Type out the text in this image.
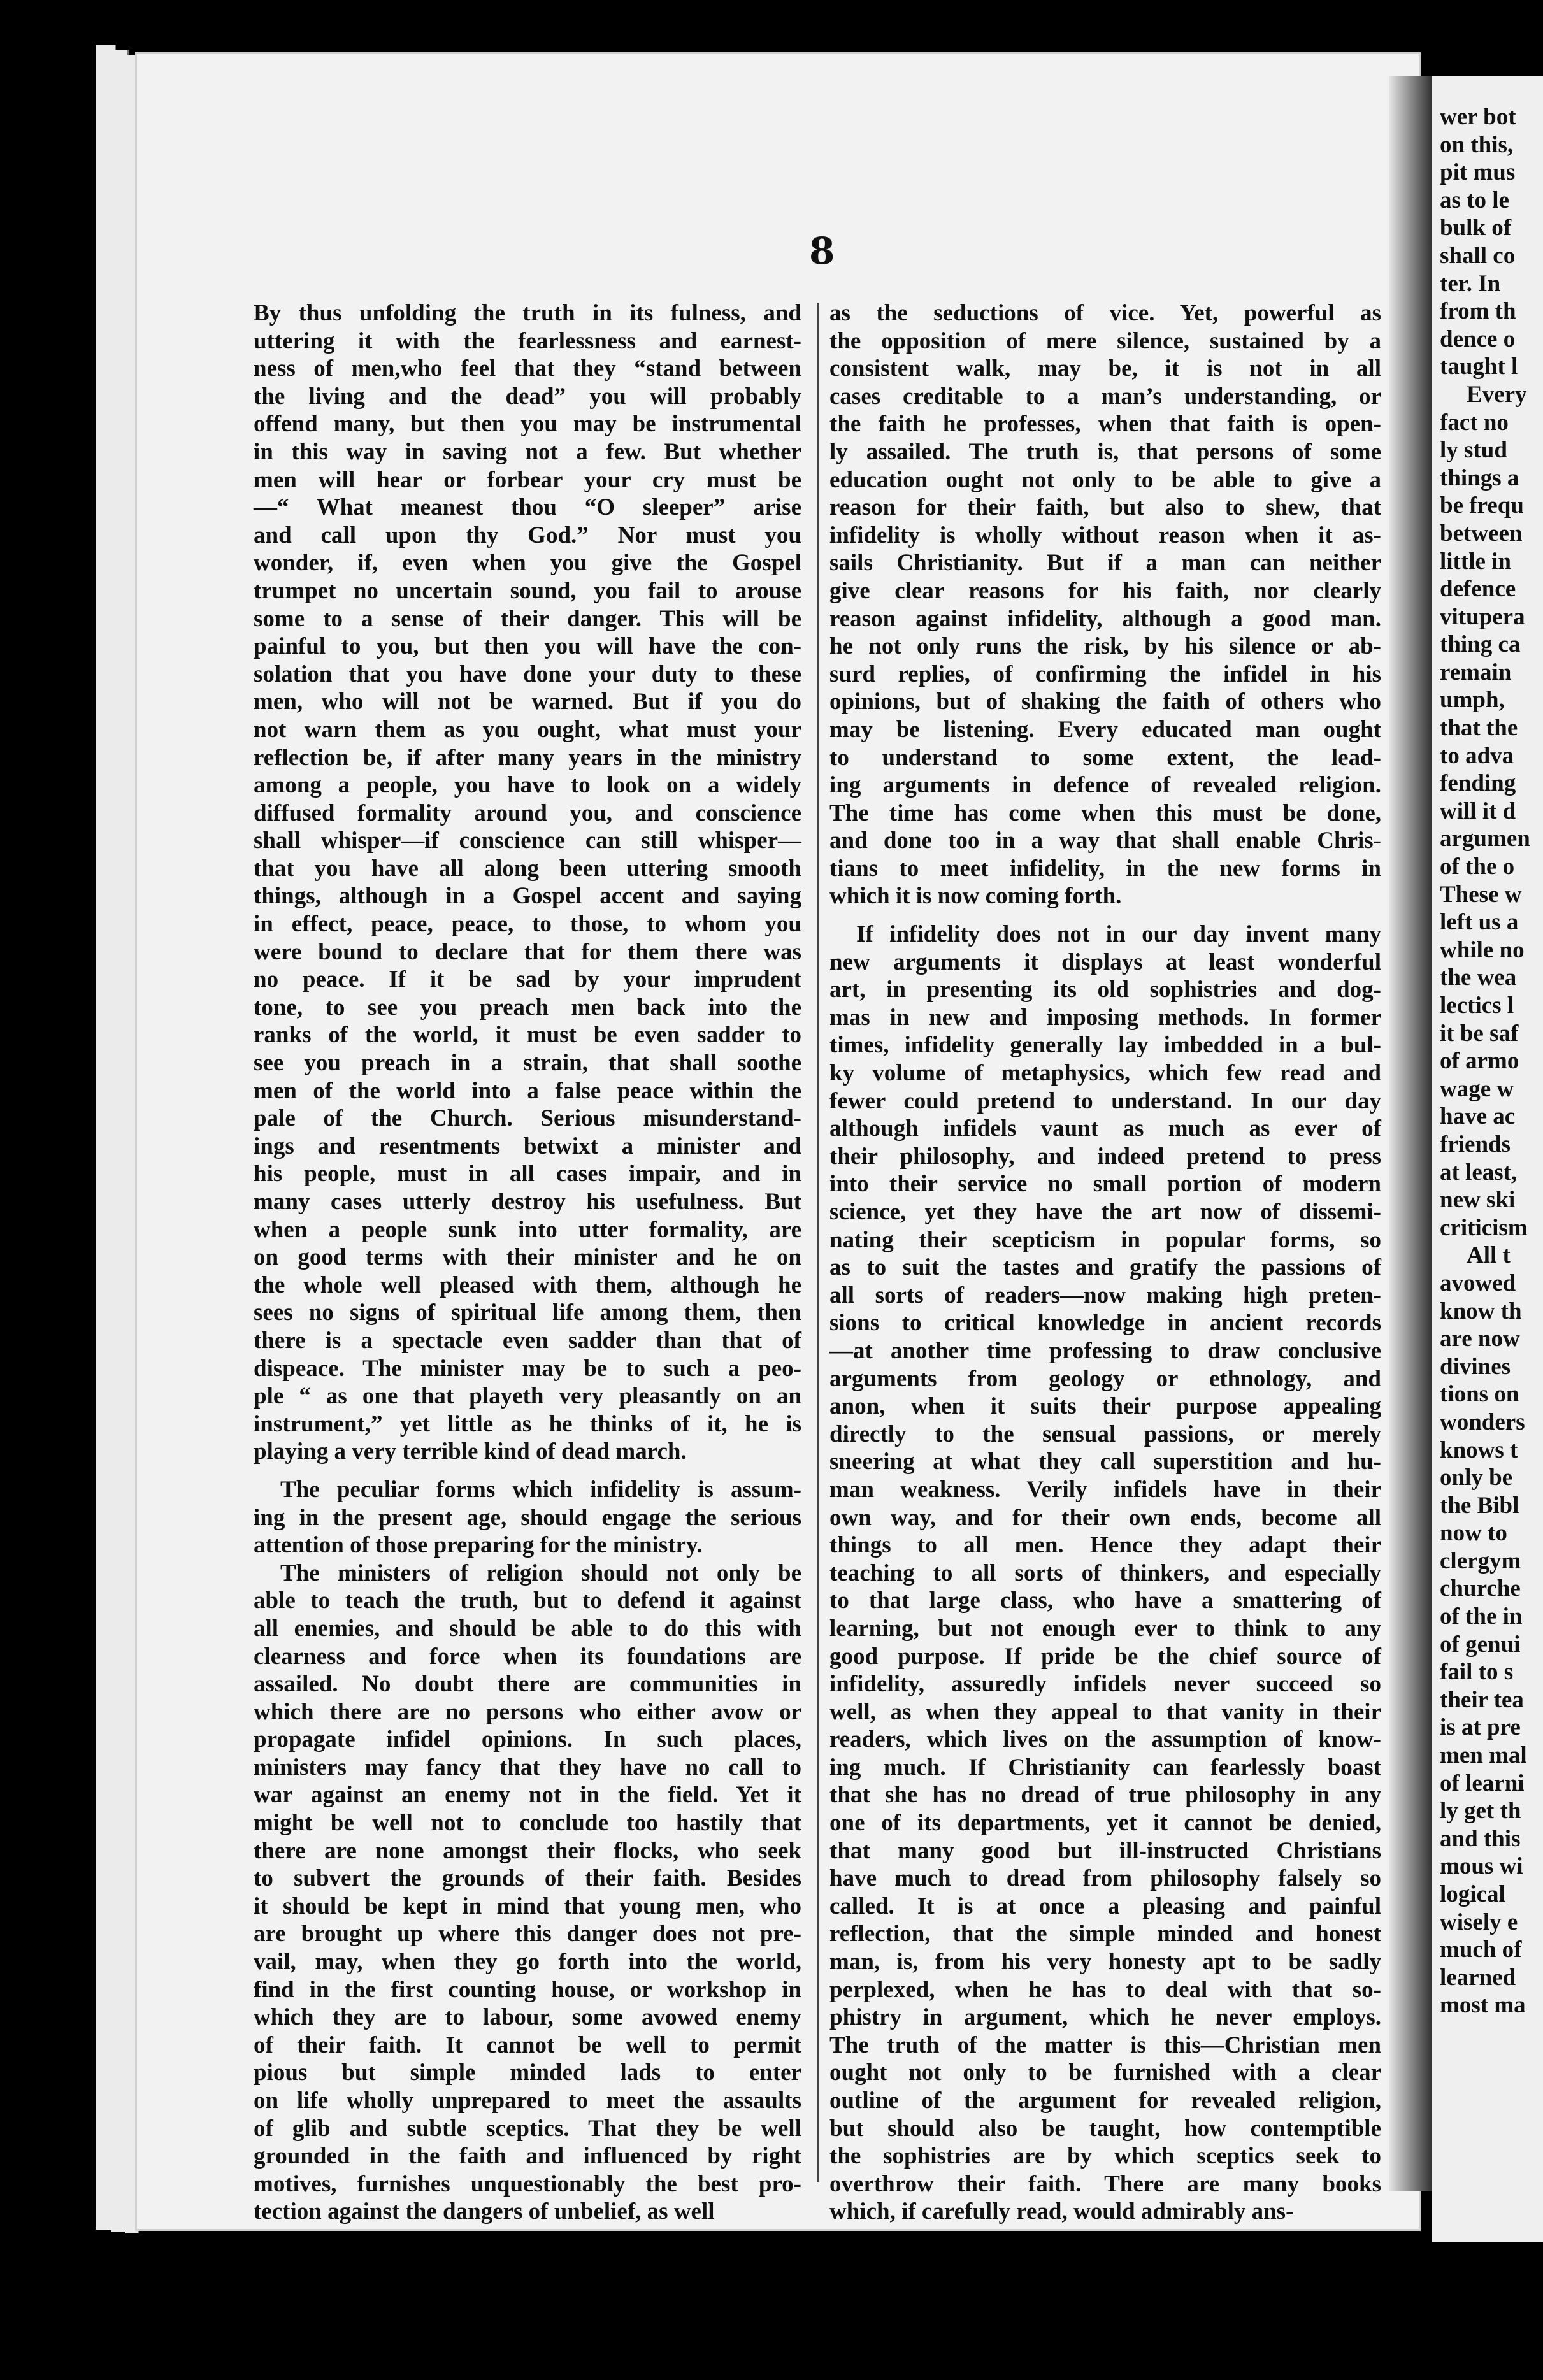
8
By thus unfolding the truth in its fulness, and
uttering it with the fearlessness and earnest-
ness of men,who feel that they “stand between
the living and the dead” you will probably
offend many, but then you may be instrumental
in this way in saving not a few. But whether
men will hear or forbear your cry must be
—“ What meanest thou “O sleeper” arise
and call upon thy God.” Nor must you
wonder, if, even when you give the Gospel
trumpet no uncertain sound, you fail to arouse
some to a sense of their danger. This will be
painful to you, but then you will have the con-
solation that you have done your duty to these
men, who will not be warned. But if you do
not warn them as you ought, what must your
reflection be, if after many years in the ministry
among a people, you have to look on a widely
diffused formality around you, and conscience
shall whisper—if conscience can still whisper—
that you have all along been uttering smooth
things, although in a Gospel accent and saying
in effect, peace, peace, to those, to whom you
were bound to declare that for them there was
no peace. If it be sad by your imprudent
tone, to see you preach men back into the
ranks of the world, it must be even sadder to
see you preach in a strain, that shall soothe
men of the world into a false peace within the
pale of the Church. Serious misunderstand-
ings and resentments betwixt a minister and
his people, must in all cases impair, and in
many cases utterly destroy his usefulness. But
when a people sunk into utter formality, are
on good terms with their minister and he on
the whole well pleased with them, although he
sees no signs of spiritual life among them, then
there is a spectacle even sadder than that of
dispeace. The minister may be to such a peo-
ple “ as one that playeth very pleasantly on an
instrument,” yet little as he thinks of it, he is
playing a very terrible kind of dead march.
The peculiar forms which infidelity is assum-
ing in the present age, should engage the serious
attention of those preparing for the ministry.
The ministers of religion should not only be
able to teach the truth, but to defend it against
all enemies, and should be able to do this with
clearness and force when its foundations are
assailed. No doubt there are communities in
which there are no persons who either avow or
propagate infidel opinions. In such places,
ministers may fancy that they have no call to
war against an enemy not in the field. Yet it
might be well not to conclude too hastily that
there are none amongst their flocks, who seek
to subvert the grounds of their faith. Besides
it should be kept in mind that young men, who
are brought up where this danger does not pre-
vail, may, when they go forth into the world,
find in the first counting house, or workshop in
which they are to labour, some avowed enemy
of their faith. It cannot be well to permit
pious but simple minded lads to enter
on life wholly unprepared to meet the assaults
of glib and subtle sceptics. That they be well
grounded in the faith and influenced by right
motives, furnishes unquestionably the best pro-
tection against the dangers of unbelief, as well
as the seductions of vice. Yet, powerful as
the opposition of mere silence, sustained by a
consistent walk, may be, it is not in all
cases creditable to a man’s understanding, or
the faith he professes, when that faith is open-
ly assailed. The truth is, that persons of some
education ought not only to be able to give a
reason for their faith, but also to shew, that
infidelity is wholly without reason when it as-
sails Christianity. But if a man can neither
give clear reasons for his faith, nor clearly
reason against infidelity, although a good man.
he not only runs the risk, by his silence or ab-
surd replies, of confirming the infidel in his
opinions, but of shaking the faith of others who
may be listening. Every educated man ought
to understand to some extent, the lead-
ing arguments in defence of revealed religion.
The time has come when this must be done,
and done too in a way that shall enable Chris-
tians to meet infidelity, in the new forms in
which it is now coming forth.
If infidelity does not in our day invent many
new arguments it displays at least wonderful
art, in presenting its old sophistries and dog-
mas in new and imposing methods. In former
times, infidelity generally lay imbedded in a bul-
ky volume of metaphysics, which few read and
fewer could pretend to understand. In our day
although infidels vaunt as much as ever of
their philosophy, and indeed pretend to press
into their service no small portion of modern
science, yet they have the art now of dissemi-
nating their scepticism in popular forms, so
as to suit the tastes and gratify the passions of
all sorts of readers—now making high preten-
sions to critical knowledge in ancient records
—at another time professing to draw conclusive
arguments from geology or ethnology, and
anon, when it suits their purpose appealing
directly to the sensual passions, or merely
sneering at what they call superstition and hu-
man weakness. Verily infidels have in their
own way, and for their own ends, become all
things to all men. Hence they adapt their
teaching to all sorts of thinkers, and especially
to that large class, who have a smattering of
learning, but not enough ever to think to any
good purpose. If pride be the chief source of
infidelity, assuredly infidels never succeed so
well, as when they appeal to that vanity in their
readers, which lives on the assumption of know-
ing much. If Christianity can fearlessly boast
that she has no dread of true philosophy in any
one of its departments, yet it cannot be denied,
that many good but ill-instructed Christians
have much to dread from philosophy falsely so
called. It is at once a pleasing and painful
reflection, that the simple minded and honest
man, is, from his very honesty apt to be sadly
perplexed, when he has to deal with that so-
phistry in argument, which he never employs.
The truth of the matter is this—Christian men
ought not only to be furnished with a clear
outline of the argument for revealed religion,
but should also be taught, how contemptible
the sophistries are by which sceptics seek to
overthrow their faith. There are many books
which, if carefully read, would admirably ans-
wer bot
on this,
pit mus
as to le
bulk of
shall co
ter. In
from th
dence o
taught l
Every
fact no
ly stud
things a
be frequ
between
little in
defence
vitupera
thing ca
remain
umph,
that the
to adva
fending
will it d
argumen
of the o
These w
left us a
while no
the wea
lectics l
it be saf
of armo
wage w
have ac
friends
at least,
new ski
criticism
All t
avowed
know th
are now
divines
tions on
wonders
knows t
only be
the Bibl
now to
clergym
churche
of the in
of genui
fail to s
their tea
is at pre
men mal
of learni
ly get th
and this
mous wi
logical
wisely e
much of
learned
most ma
